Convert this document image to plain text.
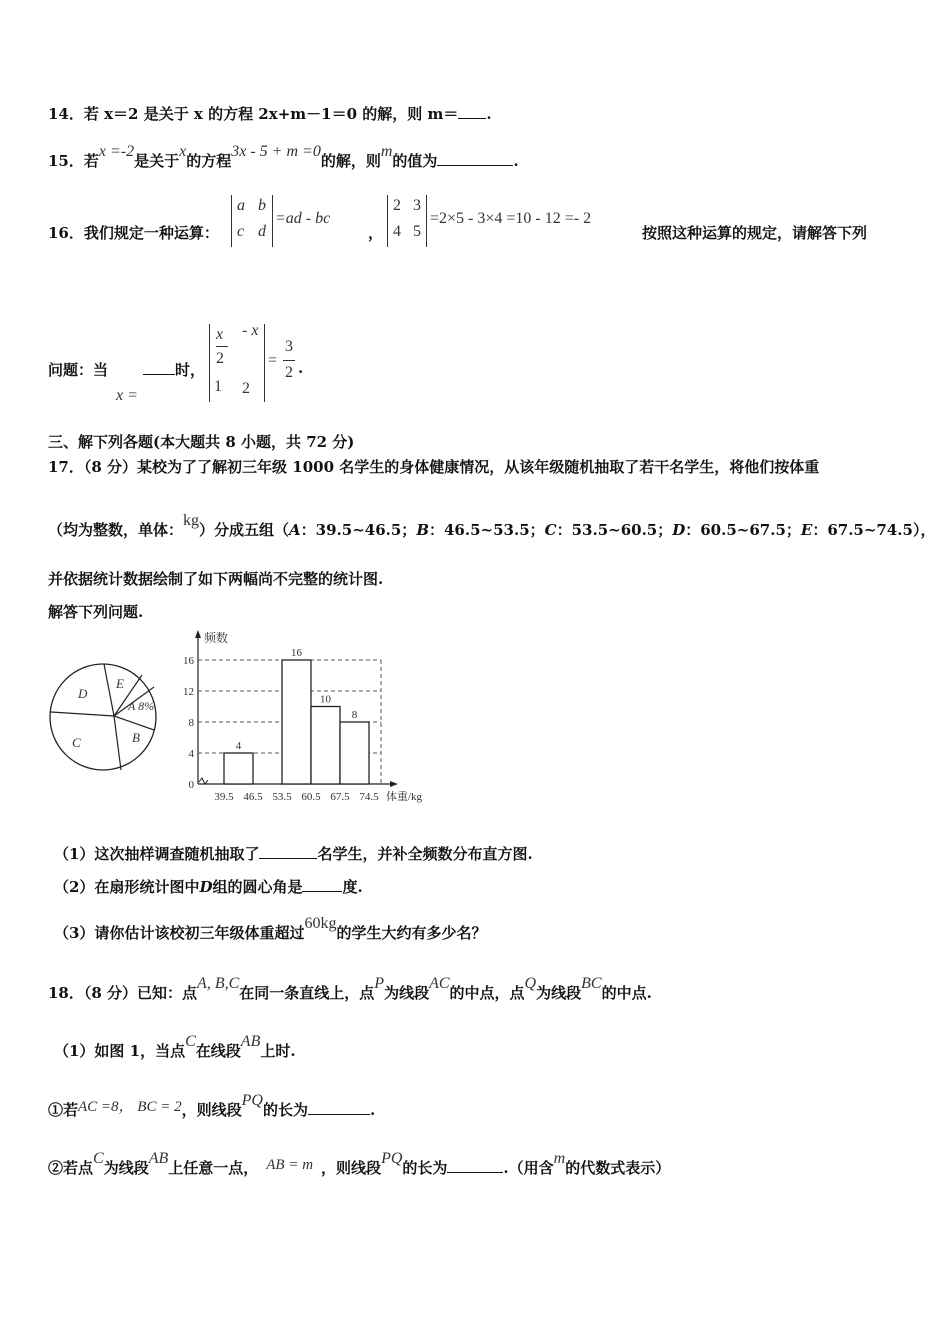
14．若 x＝2 是关于 x 的方程 2x+m－1＝0 的解，则 m＝ .
15．若x =-2是关于x的方程3x - 5 + m =0的解，则m的值为	.
16．我们规定一种运算：
a b
c d
=ad - bc
，
2 3
4 5
=2×5 - 3×4 =10 - 12 =- 2
按照这种运算的规定，请解答下列
问题：当
x =
时，
x
2
- x
1 2
=
3
2 .
三、解下列各题(本大题共 8 小题，共 72 分)
17．（8 分）某校为了了解初三年级 1000 名学生的身体健康情况，从该年级随机抽取了若干名学生，将他们按体重
（均为整数，单体：kg）分成五组（A：39.5~46.5；B：46.5~53.5；C：53.5~60.5；D：60.5~67.5；E：67.5~74.5），
并依据统计数据绘制了如下两幅尚不完整的统计图.
解答下列问题.
D
E
A 8%
C	B
频数
体重/kg
0
4
8
12
16
39.5 46.5 53.5 60.5 67.5 74.5
4
16
10
8
（1）这次抽样调查随机抽取了	名学生，并补全频数分布直方图.
（2）在扇形统计图中D组的圆心角是	度.
（3）请你估计该校初三年级体重超过60kg的学生大约有多少名？
18．（8 分）已知：点A, B,C在同一条直线上，点P为线段AC的中点，点Q为线段BC的中点.
（1）如图 1，当点C在线段AB上时.
①若AC =8， BC = 2，则线段PQ的长为	.
②若点C为线段AB上任意一点， AB = m ，则线段PQ的长为	.（用含m的代数式表示）
